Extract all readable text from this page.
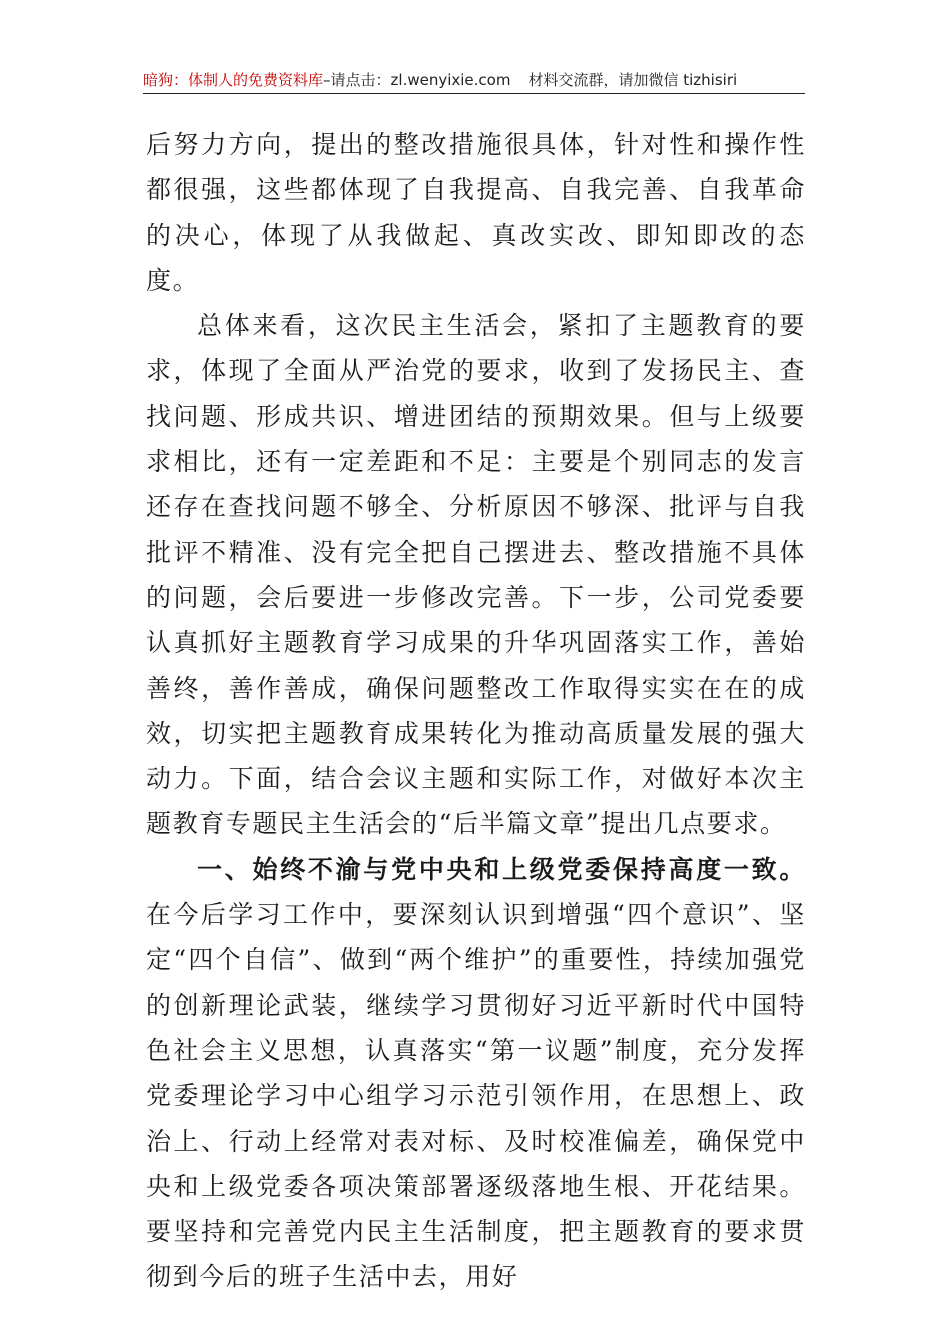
暗狗：体制人的免费资料库 –请点击： zl.wenyixie.com 材料交流群，请加微信 tizhisiri

后努力方向，提出的整改措施很具体，针对性和操作性都很强，这些都体现了自我提高、自我完善、自我革命的决心，体现了从我做起、真改实改、即知即改的态度。

总体来看，这次民主生活会，紧扣了主题教育的要求，体现了全面从严治党的要求，收到了发扬民主、查找问题、形成共识、增进团结的预期效果。但与上级要求相比，还有一定差距和不足：主要是个别同志的发言还存在查找问题不够全、分析原因不够深、批评与自我批评不精准、没有完全把自己摆进去、整改措施不具体的问题，会后要进一步修改完善。下一步，公司党委要认真抓好主题教育学习成果的升华巩固落实工作，善始善终，善作善成，确保问题整改工作取得实实在在的成效，切实把主题教育成果转化为推动高质量发展的强大动力。下面，结合会议主题和实际工作，对做好本次主题教育专题民主生活会的“后半篇文章”提出几点要求。

一、始终不渝与党中央和上级党委保持高度一致。在今后学习工作中，要深刻认识到增强“四个意识”、坚定“四个自信”、做到“两个维护”的重要性，持续加强党的创新理论武装，继续学习贯彻好习近平新时代中国特色社会主义思想，认真落实“第一议题”制度，充分发挥党委理论学习中心组学习示范引领作用，在思想上、政治上、行动上经常对表对标、及时校准偏差，确保党中央和上级党委各项决策部署逐级落地生根、开花结果。要坚持和完善党内民主生活制度，把主题教育的要求贯彻到今后的班子生活中去，用好
